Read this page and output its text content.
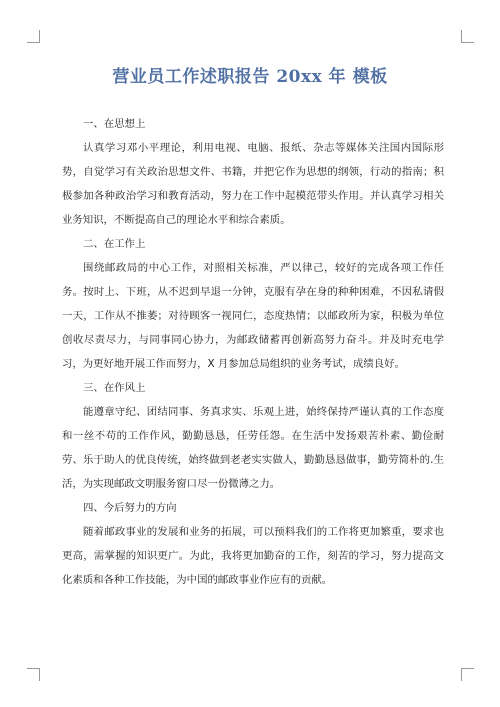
营业员工作述职报告 20xx 年 模板

一、在思想上

认真学习邓小平理论，利用电视、电脑、报纸、杂志等媒体关注国内国际形势，自觉学习有关政治思想文件、书籍，并把它作为思想的纲领，行动的指南；积极参加各种政治学习和教育活动，努力在工作中起模范带头作用。并认真学习相关业务知识，不断提高自己的理论水平和综合素质。

二、在工作上

围绕邮政局的中心工作，对照相关标准，严以律己，较好的完成各项工作任务。按时上、下班，从不迟到早退一分钟，克服有孕在身的种种困难，不因私请假一天，工作从不推萎；对待顾客一视同仁，态度热情；以邮政所为家，积极为单位创收尽责尽力，与同事同心协力，为邮政储蓄再创新高努力奋斗。并及时充电学习，为更好地开展工作而努力，X 月参加总局组织的业务考试，成绩良好。

三、在作风上

能遵章守纪、团结同事、务真求实、乐观上进，始终保持严谨认真的工作态度和一丝不苟的工作作风，勤勤恳恳，任劳任怨。在生活中发扬艰苦朴素、勤俭耐劳、乐于助人的优良传统，始终做到老老实实做人，勤勤恳恳做事，勤劳简朴的.生活，为实现邮政文明服务窗口尽一份微薄之力。

四、今后努力的方向

随着邮政事业的发展和业务的拓展，可以预料我们的工作将更加繁重，要求也更高，需掌握的知识更广。为此，我将更加勤奋的工作，刻苦的学习，努力提高文化素质和各种工作技能，为中国的邮政事业作应有的贡献。
